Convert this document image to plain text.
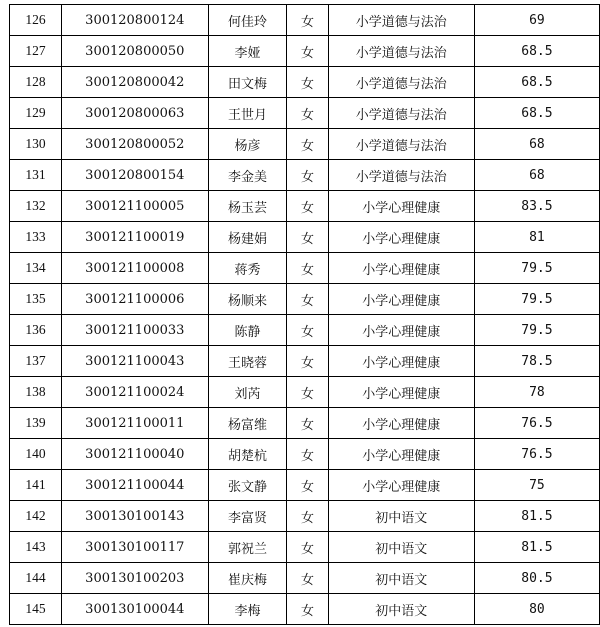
126	300120800124	何佳玲	女	小学道德与法治	69
127	300120800050	李娅	女	小学道德与法治	68.5
128	300120800042	田文梅	女	小学道德与法治	68.5
129	300120800063	王世月	女	小学道德与法治	68.5
130	300120800052	杨彦	女	小学道德与法治	68
131	300120800154	李金美	女	小学道德与法治	68
132	300121100005	杨玉芸	女	小学心理健康	83.5
133	300121100019	杨建娟	女	小学心理健康	81
134	300121100008	蒋秀	女	小学心理健康	79.5
135	300121100006	杨顺来	女	小学心理健康	79.5
136	300121100033	陈静	女	小学心理健康	79.5
137	300121100043	王晓蓉	女	小学心理健康	78.5
138	300121100024	刘芮	女	小学心理健康	78
139	300121100011	杨富维	女	小学心理健康	76.5
140	300121100040	胡楚杭	女	小学心理健康	76.5
141	300121100044	张文静	女	小学心理健康	75
142	300130100143	李富贤	女	初中语文	81.5
143	300130100117	郭祝兰	女	初中语文	81.5
144	300130100203	崔庆梅	女	初中语文	80.5
145	300130100044	李梅	女	初中语文	80
